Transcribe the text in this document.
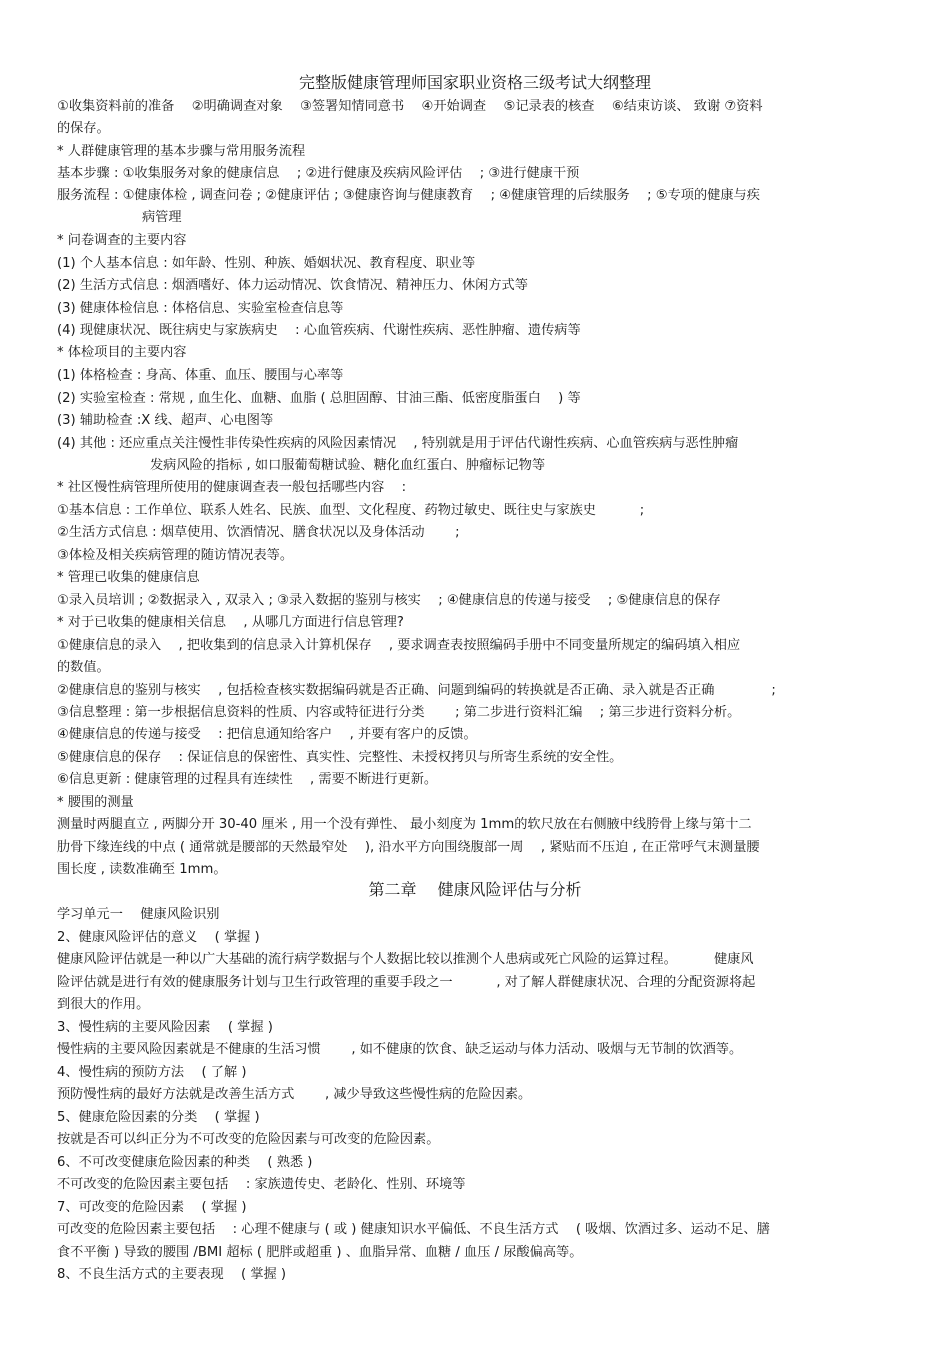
完整版健康管理师国家职业资格三级考试大纲整理
①收集资料前的准备　 ②明确调查对象　 ③签署知情同意书　 ④开始调查　 ⑤记录表的核查　 ⑥结束访谈、 致谢 ⑦资料
的保存。
* 人群健康管理的基本步骤与常用服务流程
基本步骤 : ①收集服务对象的健康信息　 ; ②进行健康及疾病风险评估　 ; ③进行健康干预
服务流程 : ①健康体检 , 调查问卷 ; ②健康评估 ; ③健康咨询与健康教育　 ; ④健康管理的后续服务　 ; ⑤专项的健康与疾
病管理
* 问卷调查的主要内容
(1) 个人基本信息 : 如年龄、性别、种族、婚姻状况、教育程度、职业等
(2) 生活方式信息 : 烟酒嗜好、体力运动情况、饮食情况、精神压力、休闲方式等
(3) 健康体检信息 : 体格信息、实验室检查信息等
(4) 现健康状况、既往病史与家族病史　 : 心血管疾病、代谢性疾病、恶性肿瘤、遗传病等
* 体检项目的主要内容
(1) 体格检查 : 身高、体重、血压、腰围与心率等
(2) 实验室检查 : 常规 , 血生化、血糖、血脂 ( 总胆固醇、甘油三酯、低密度脂蛋白　 ) 等
(3) 辅助检查 :X 线、超声、心电图等
(4) 其他 : 还应重点关注慢性非传染性疾病的风险因素情况　 , 特别就是用于评估代谢性疾病、心血管疾病与恶性肿瘤
发病风险的指标 , 如口服葡萄糖试验、糖化血红蛋白、肿瘤标记物等
* 社区慢性病管理所使用的健康调查表一般包括哪些内容　 :
①基本信息 : 工作单位、联系人姓名、民族、血型、文化程度、药物过敏史、既往史与家族史　　　 ;
②生活方式信息 : 烟草使用、饮酒情况、膳食状况以及身体活动　　 ;
③体检及相关疾病管理的随访情况表等。
* 管理已收集的健康信息
①录入员培训 ; ②数据录入 , 双录入 ; ③录入数据的鉴别与核实　 ; ④健康信息的传递与接受　 ; ⑤健康信息的保存
* 对于已收集的健康相关信息　 , 从哪几方面进行信息管理?
①健康信息的录入　 , 把收集到的信息录入计算机保存　 , 要求调查表按照编码手册中不同变量所规定的编码填入相应
的数值。
②健康信息的鉴别与核实　 , 包括检查核实数据编码就是否正确、问题到编码的转换就是否正确、录入就是否正确　　　　 ;
③信息整理 : 第一步根据信息资料的性质、内容或特征进行分类　　 ; 第二步进行资料汇编　 ; 第三步进行资料分析。
④健康信息的传递与接受　 : 把信息通知给客户　 , 并要有客户的反馈。
⑤健康信息的保存　 : 保证信息的保密性、真实性、完整性、未授权拷贝与所寄生系统的安全性。
⑥信息更新 : 健康管理的过程具有连续性　 , 需要不断进行更新。
* 腰围的测量
测量时两腿直立 , 两脚分开 30-40 厘米 , 用一个没有弹性、 最小刻度为 1mm的软尺放在右侧腋中线胯骨上缘与第十二
肋骨下缘连线的中点 ( 通常就是腰部的天然最窄处　 ), 沿水平方向围绕腹部一周　 , 紧贴而不压迫 , 在正常呼气末测量腰
围长度 , 读数准确至 1mm。
第二章　 健康风险评估与分析
学习单元一　 健康风险识别
2、健康风险评估的意义　 ( 掌握 )
健康风险评估就是一种以广大基础的流行病学数据与个人数据比较以推测个人患病或死亡风险的运算过程。　　　 健康风
险评估就是进行有效的健康服务计划与卫生行政管理的重要手段之一　　　 , 对了解人群健康状况、合理的分配资源将起
到很大的作用。
3、慢性病的主要风险因素　 ( 掌握 )
慢性病的主要风险因素就是不健康的生活习惯　　 , 如不健康的饮食、缺乏运动与体力活动、吸烟与无节制的饮酒等。
4、慢性病的预防方法　 ( 了解 )
预防慢性病的最好方法就是改善生活方式　　 , 减少导致这些慢性病的危险因素。
5、健康危险因素的分类　 ( 掌握 )
按就是否可以纠正分为不可改变的危险因素与可改变的危险因素。
6、不可改变健康危险因素的种类　 ( 熟悉 )
不可改变的危险因素主要包括　 : 家族遗传史、老龄化、性别、环境等
7、可改变的危险因素　 ( 掌握 )
可改变的危险因素主要包括　 : 心理不健康与 ( 或 ) 健康知识水平偏低、不良生活方式　 ( 吸烟、饮酒过多、运动不足、膳
食不平衡 ) 导致的腰围 /BMI 超标 ( 肥胖或超重 ) 、血脂异常、血糖 / 血压 / 尿酸偏高等。
8、不良生活方式的主要表现　 ( 掌握 )
